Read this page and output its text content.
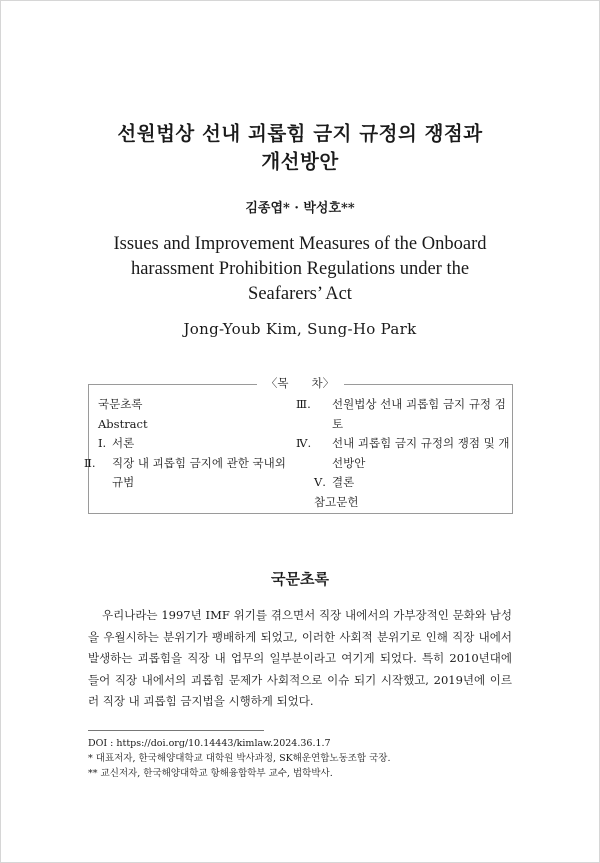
선원법상 선내 괴롭힘 금지 규정의 쟁점과
개선방안
김종엽* · 박성호**
Issues and Improvement Measures of the Onboard harassment Prohibition Regulations under the Seafarers’ Act
Jong-Youb Kim, Sung-Ho Park
〈목　　차〉
국문초록
Abstract
Ⅰ. 서론
Ⅱ. 직장 내 괴롭힘 금지에 관한 국내외 규범
Ⅲ. 선원법상 선내 괴롭힘 금지 규정 검토
Ⅳ. 선내 괴롭힘 금지 규정의 쟁점 및 개선방안
Ⅴ. 결론
참고문헌
국문초록

우리나라는 1997년 IMF 위기를 겪으면서 직장 내에서의 가부장적인 문화와 남성을 우월시하는 분위기가 팽배하게 되었고, 이러한 사회적 분위기로 인해 직장 내에서 발생하는 괴롭힘을 직장 내 업무의 일부분이라고 여기게 되었다. 특히 2010년대에 들어 직장 내에서의 괴롭힘 문제가 사회적으로 이슈 되기 시작했고, 2019년에 이르러 직장 내 괴롭힘 금지법을 시행하게 되었다.

DOI : https://doi.org/10.14443/kimlaw.2024.36.1.7
* 대표저자, 한국해양대학교 대학원 박사과정, SK해운연합노동조합 국장.
** 교신저자, 한국해양대학교 항해융합학부 교수, 법학박사.
